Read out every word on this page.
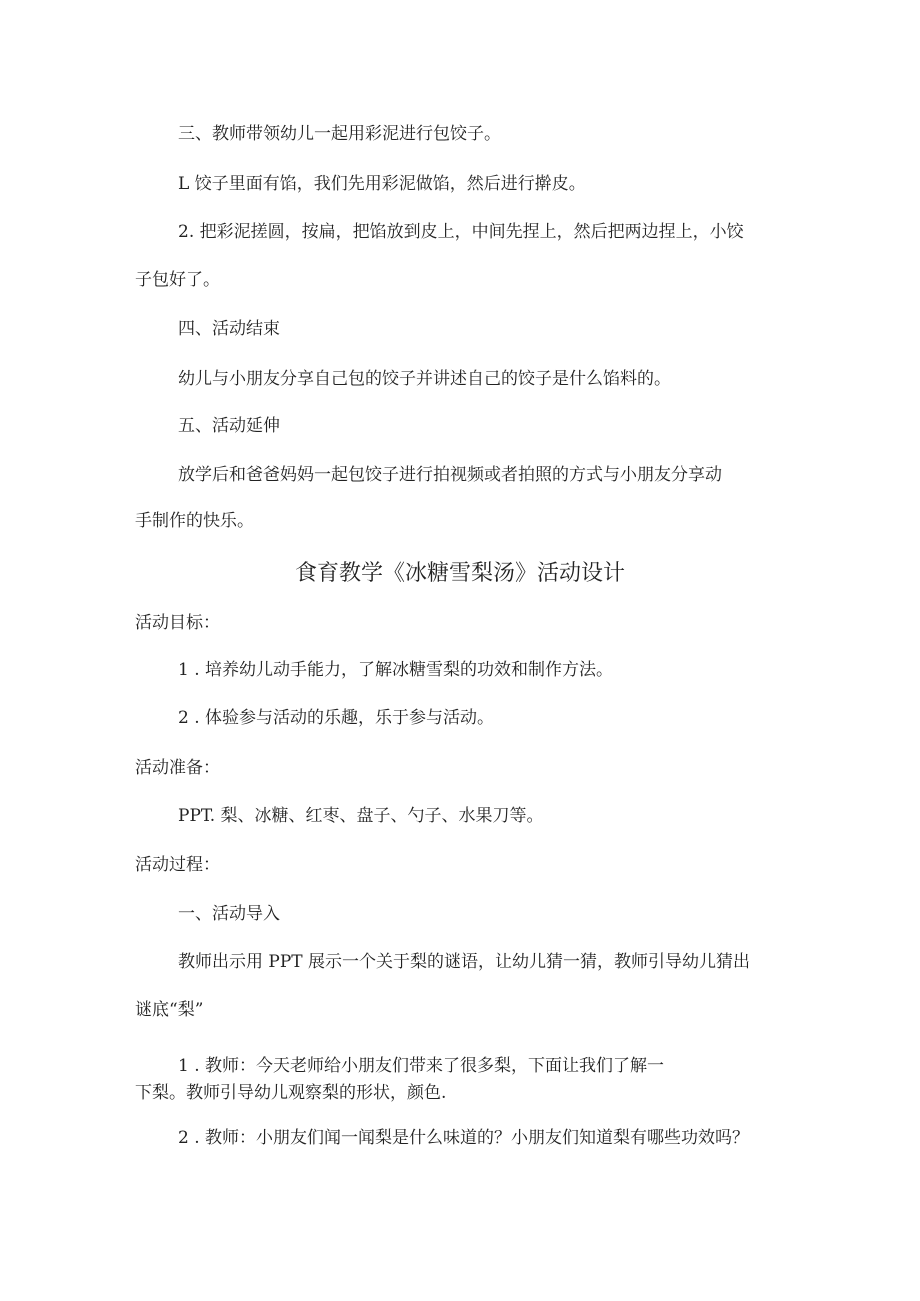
三、教师带领幼儿一起用彩泥进行包饺子。
L 饺子里面有馅，我们先用彩泥做馅，然后进行擀皮。
2. 把彩泥搓圆，按扁，把馅放到皮上，中间先捏上，然后把两边捏上，小饺
子包好了。
四、活动结束
幼儿与小朋友分享自己包的饺子并讲述自己的饺子是什么馅料的。
五、活动延伸
放学后和爸爸妈妈一起包饺子进行拍视频或者拍照的方式与小朋友分享动
手制作的快乐。
食育教学《冰糖雪梨汤》活动设计
活动目标：
1 . 培养幼儿动手能力，了解冰糖雪梨的功效和制作方法。
2 . 体验参与活动的乐趣，乐于参与活动。
活动准备：
PPT. 梨、冰糖、红枣、盘子、勺子、水果刀等。
活动过程：
一、活动导入
教师出示用 PPT 展示一个关于梨的谜语，让幼儿猜一猜，教师引导幼儿猜出
谜底“梨”
1 . 教师：今天老师给小朋友们带来了很多梨，下面让我们了解一
下梨。教师引导幼儿观察梨的形状，颜色.
2 . 教师：小朋友们闻一闻梨是什么味道的？小朋友们知道梨有哪些功效吗？
